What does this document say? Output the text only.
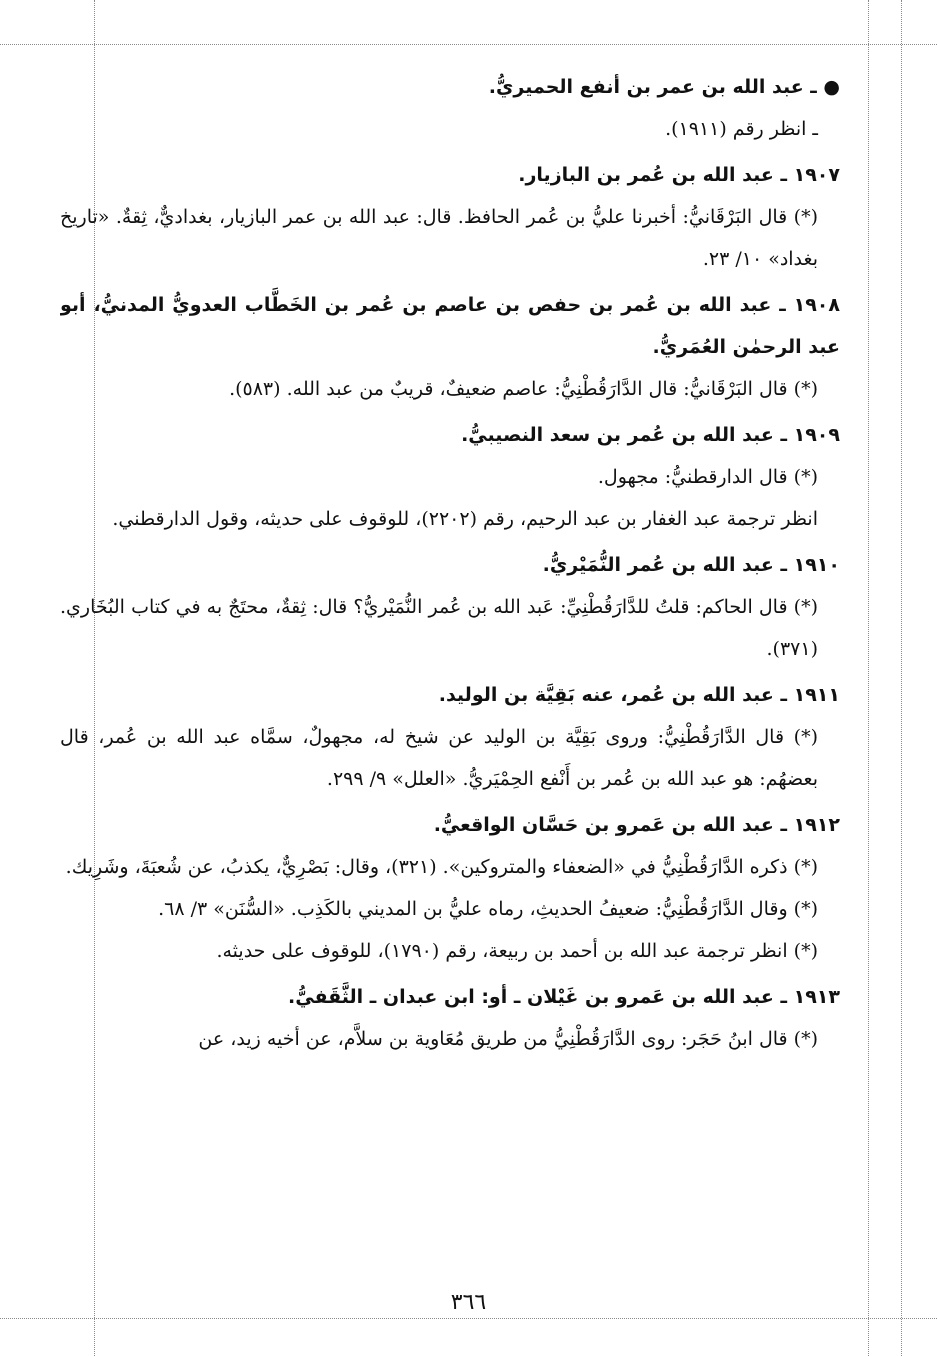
● ـ عبد الله بن عمر بن أنفع الحميريُّ.
ـ انظر رقم (١٩١١).
١٩٠٧ ـ عبد الله بن عُمر بن البازيار.
(*) قال البَرْقَانيُّ: أخبرنا عليُّ بن عُمر الحافظ. قال: عبد الله بن عمر البازيار، بغداديٌّ، ثِقةٌ. «تاريخ بغداد» ١٠/ ٢٣.
١٩٠٨ ـ عبد الله بن عُمر بن حفص بن عاصم بن عُمر بن الخَطَّاب العدويُّ المدنيُّ، أبو عبد الرحمٰن العُمَريُّ.
(*) قال البَرْقَانيُّ: قال الدَّارَقُطْنِيُّ: عاصم ضعيفٌ، قريبٌ من عبد الله. (٥٨٣).
١٩٠٩ ـ عبد الله بن عُمر بن سعد النصيبيُّ.
(*) قال الدارقطنيُّ: مجهول.
انظر ترجمة عبد الغفار بن عبد الرحيم، رقم (٢٢٠٢)، للوقوف على حديثه، وقول الدارقطني.
١٩١٠ ـ عبد الله بن عُمر النُّمَيْريُّ.
(*) قال الحاكم: قلتُ للدَّارَقُطْنِيِّ: عَبد الله بن عُمر النُّمَيْريُّ؟ قال: ثِقةٌ، محتَجٌ به في كتاب البُخَاري. (٣٧١).
١٩١١ ـ عبد الله بن عُمر، عنه بَقِيَّة بن الوليد.
(*) قال الدَّارَقُطْنِيُّ: وروى بَقِيَّة بن الوليد عن شيخ له، مجهولٌ، سمَّاه عبد الله بن عُمر، قال بعضهُم: هو عبد الله بن عُمر بن أَنْفع الحِمْيَريُّ. «العلل» ٩/ ٢٩٩.
١٩١٢ ـ عبد الله بن عَمرو بن حَسَّان الواقعيُّ.
(*) ذكره الدَّارَقُطْنِيُّ في «الضعفاء والمتروكين». (٣٢١)، وقال: بَصْرِيٌّ، يكذبُ، عن شُعبَةَ، وشَرِيك.
(*) وقال الدَّارَقُطْنِيُّ: ضعيفُ الحديثِ، رماه عليُّ بن المديني بالكَذِب. «السُّنَن» ٣/ ٦٨.
(*) انظر ترجمة عبد الله بن أحمد بن ربيعة، رقم (١٧٩٠)، للوقوف على حديثه.
١٩١٣ ـ عبد الله بن عَمرو بن غَيْلان ـ أو: ابن عبدان ـ الثَّقَفيُّ.
(*) قال ابنُ حَجَر: روى الدَّارَقُطْنِيُّ من طريق مُعَاوية بن سلاَّم، عن أخيه زيد، عن
٣٦٦
